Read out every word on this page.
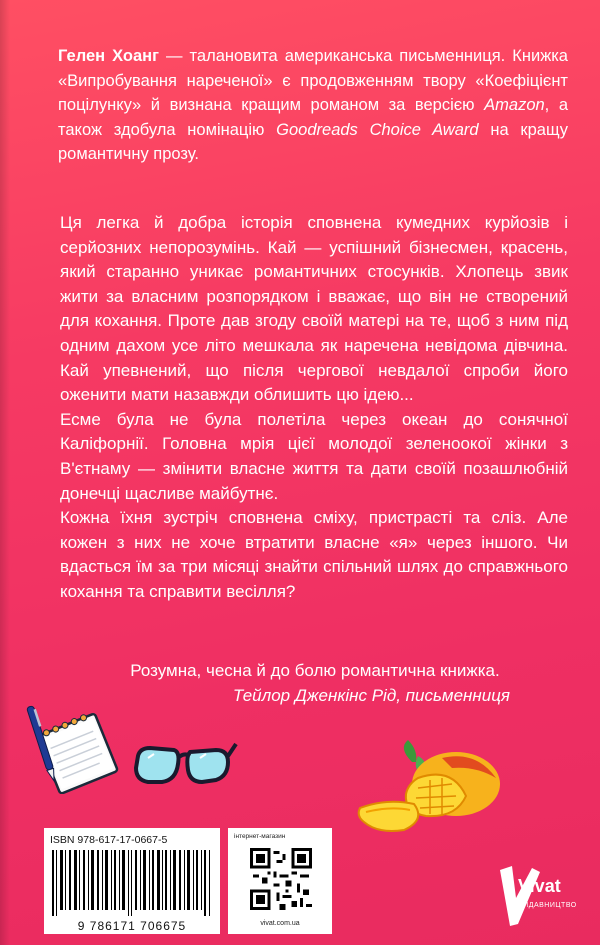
Гелен Хоанг — талановита американська письменниця. Книжка «Випробування нареченої» є продовженням твору «Коефіцієнт поцілунку» й визнана кращим романом за версією Amazon, а також здобула номінацію Goodreads Choice Award на кращу романтичну прозу.

Ця легка й добра історія сповнена кумедних курйозів і серйозних непорозумінь. Кай — успішний бізнесмен, красень, який старанно уникає романтичних стосунків. Хлопець звик жити за власним розпорядком і вважає, що він не створений для кохання. Проте дав згоду своїй матері на те, щоб з ним під одним дахом усе літо мешкала як наречена невідома дівчина. Кай упевнений, що після чергової невдалої спроби його оженити мати назавжди облишить цю ідею...

Есме була не була полетіла через океан до сонячної Каліфорнії. Головна мрія цієї молодої зеленоокої жінки з В'єтнаму — змінити власне життя та дати своїй позашлюбній донечці щасливе майбутнє.

Кожна їхня зустріч сповнена сміху, пристрасті та сліз. Але кожен з них не хоче втратити власне «я» через іншого. Чи вдасться їм за три місяці знайти спільний шлях до справжнього кохання та справити весілля?

Розумна, чесна й до болю романтична книжка.
Тейлор Дженкінс Рід, письменниця
ISBN 978-617-17-0667-5
9 786171 706675
інтернет-магазин
vivat.com.ua
Vivat
ВИДАВНИЦТВО
